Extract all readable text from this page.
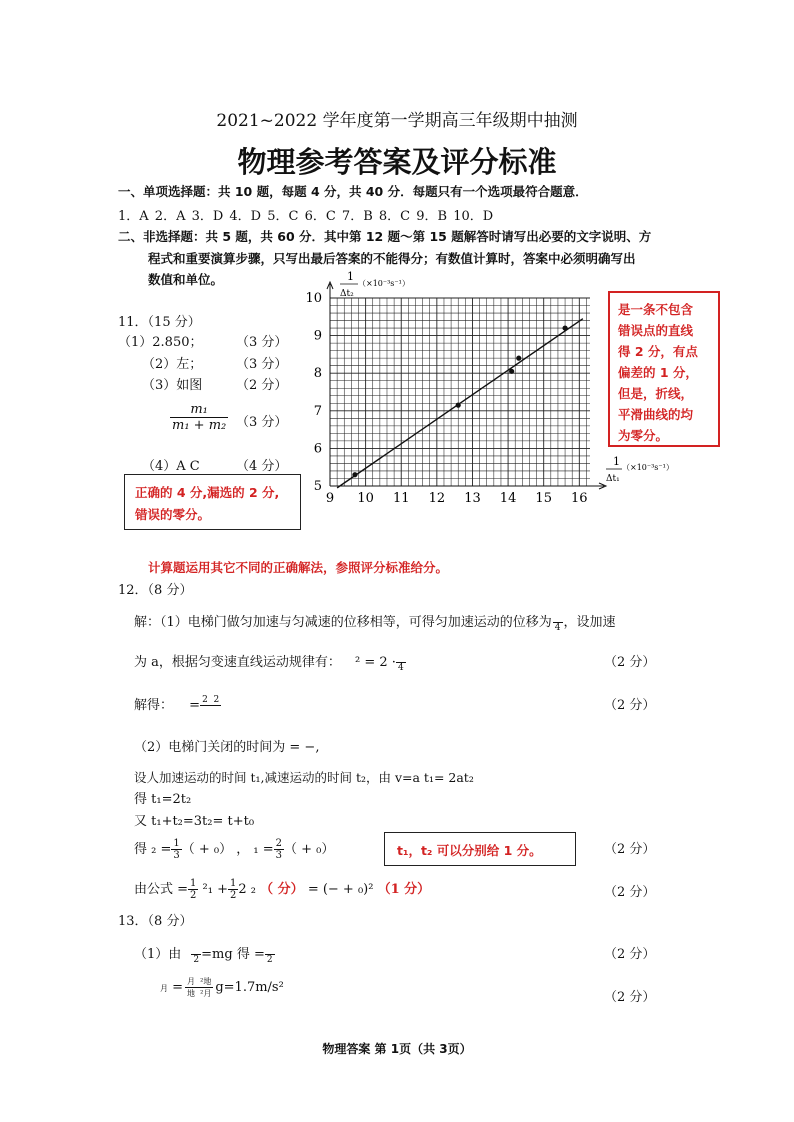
2021~2022 学年度第一学期高三年级期中抽测
物理参考答案及评分标准
一、单项选择题：共 10 题，每题 4 分，共 40 分．每题只有一个选项最符合题意．
1．A 2．A 3．D 4．D 5．C 6．C 7．B 8．C 9．B 10．D
二、非选择题：共 5 题，共 60 分．其中第 12 题～第 15 题解答时请写出必要的文字说明、方
程式和重要演算步骤，只写出最后答案的不能得分；有数值计算时，答案中必须明确写出
数值和单位。
11．（15 分）
（1）2.850；	（3 分）
（2）左；	（3 分）
（3）如图	（2 分）
$\frac{\text{m₁}}{\text{m₁ + m₂}} (3$ 分）
（4）A C	（4 分）
正确的 4 分,漏选的 2 分,
错误的零分。
9 10 11 12 13 14 15 16
5
6
7
8
9
10
1
Δt₂
（×10⁻³s⁻¹）
1
Δt₁
（×10⁻³s⁻¹）
是一条不包含
错误点的直线
得 2 分，有点
偏差的 1 分，
但是，折线，
平滑曲线的均
为零分。
计算题运用其它不同的正确解法，参照评分标准给分。
12．（8 分）
解：（1）电梯门做匀加速与匀减速的位移相等，可得匀加速运动的位移为
4 ，设加速
为 a，根据匀变速直线运动规律有： ² = 2 ·
4	（2 分）
解得： = 2  2
	（2 分）
（2）电梯门关闭的时间为 = −,
设人加速运动的时间 t₁,减速运动的时间 t₂，由 v=a t₁= 2at₂
得 t₁=2t₂
又 t₁+t₂=3t₂= t+t₀
得 $_2 = \frac{1}{3}$ （ + ₀） ， $_1 = \frac{2}{3}$ （ + ₀）	t₁，t₂ 可以分别给 1 分。	（2 分）
由公式 = $\frac{1}{2} ^2_1 + \frac{1}{2} 2$ ₂ （ 分） = (− + ₀)² （1 分）	（2 分）
13．（8 分）
（1）由
2 =mg 得 =
2	（2 分）
月 = $\frac{\text{月  ²地}}{\text{地  ²月}} g=1.7m/s^2$
（2 分）
物理答案 第 1页（共 3页）
